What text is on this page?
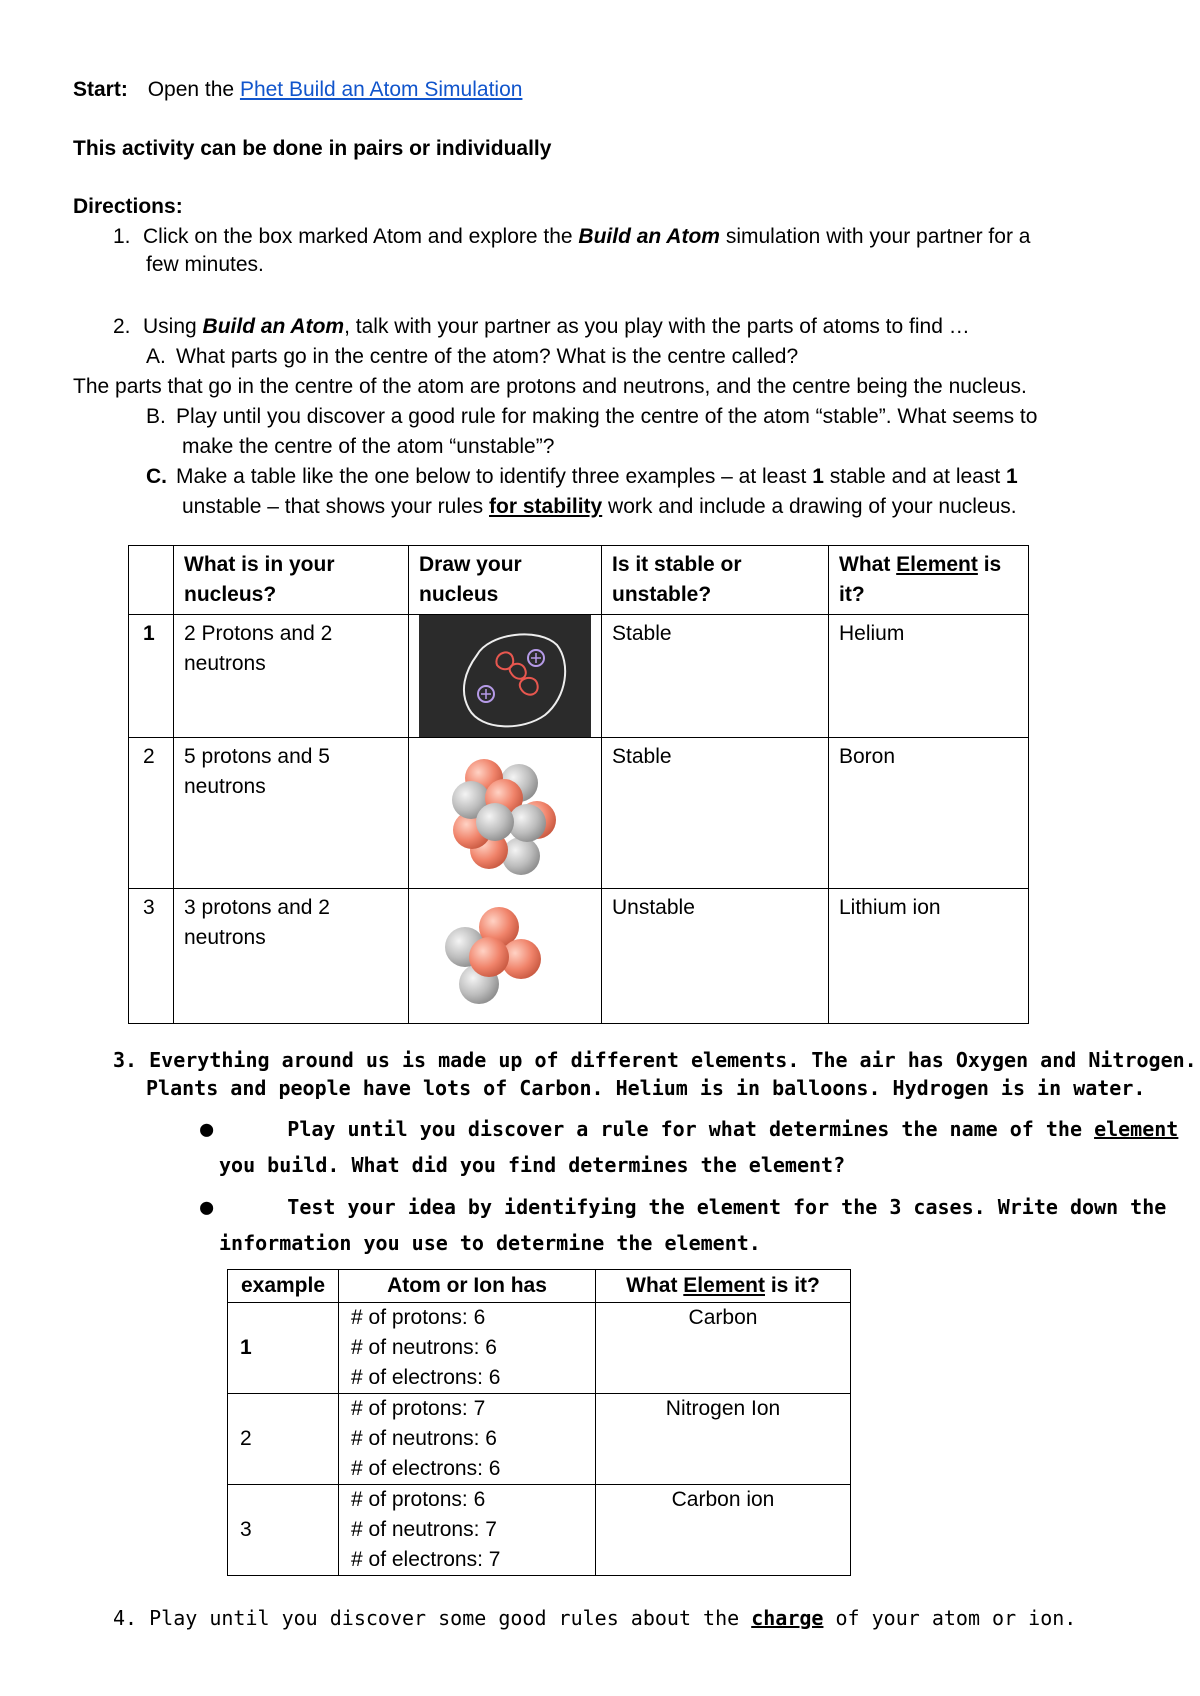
Start: Open the Phet Build an Atom Simulation
This activity can be done in pairs or individually
Directions:
1. Click on the box marked Atom and explore the Build an Atom simulation with your partner for a
few minutes.
2. Using Build an Atom, talk with your partner as you play with the parts of atoms to find …
A. What parts go in the centre of the atom? What is the centre called?
The parts that go in the centre of the atom are protons and neutrons, and the centre being the nucleus.
B. Play until you discover a good rule for making the centre of the atom “stable”. What seems to
make the centre of the atom “unstable”?
C. Make a table like the one below to identify three examples – at least 1 stable and at least 1
unstable – that shows your rules for stability work and include a drawing of your nucleus.
	What is in your nucleus?	Draw your nucleus	Is it stable or unstable?	What Element is it?
1	2 Protons and 2 neutrons		Stable	Helium
2	5 protons and 5 neutrons		Stable	Boron
3	3 protons and 2 neutrons		Unstable	Lithium ion
3. Everything around us is made up of different elements. The air has Oxygen and Nitrogen.
Plants and people have lots of Carbon. Helium is in balloons. Hydrogen is in water.
●	Play until you discover a rule for what determines the name of the element
you build. What did you find determines the element?
●	Test your idea by identifying the element for the 3 cases. Write down the
information you use to determine the element.
example	Atom or Ion has	What Element is it?
1	# of protons: 6
# of neutrons: 6
# of electrons: 6	Carbon
2	# of protons: 7
# of neutrons: 6
# of electrons: 6	Nitrogen Ion
3	# of protons: 6
# of neutrons: 7
# of electrons: 7	Carbon ion
4. Play until you discover some good rules about the charge of your atom or ion.
